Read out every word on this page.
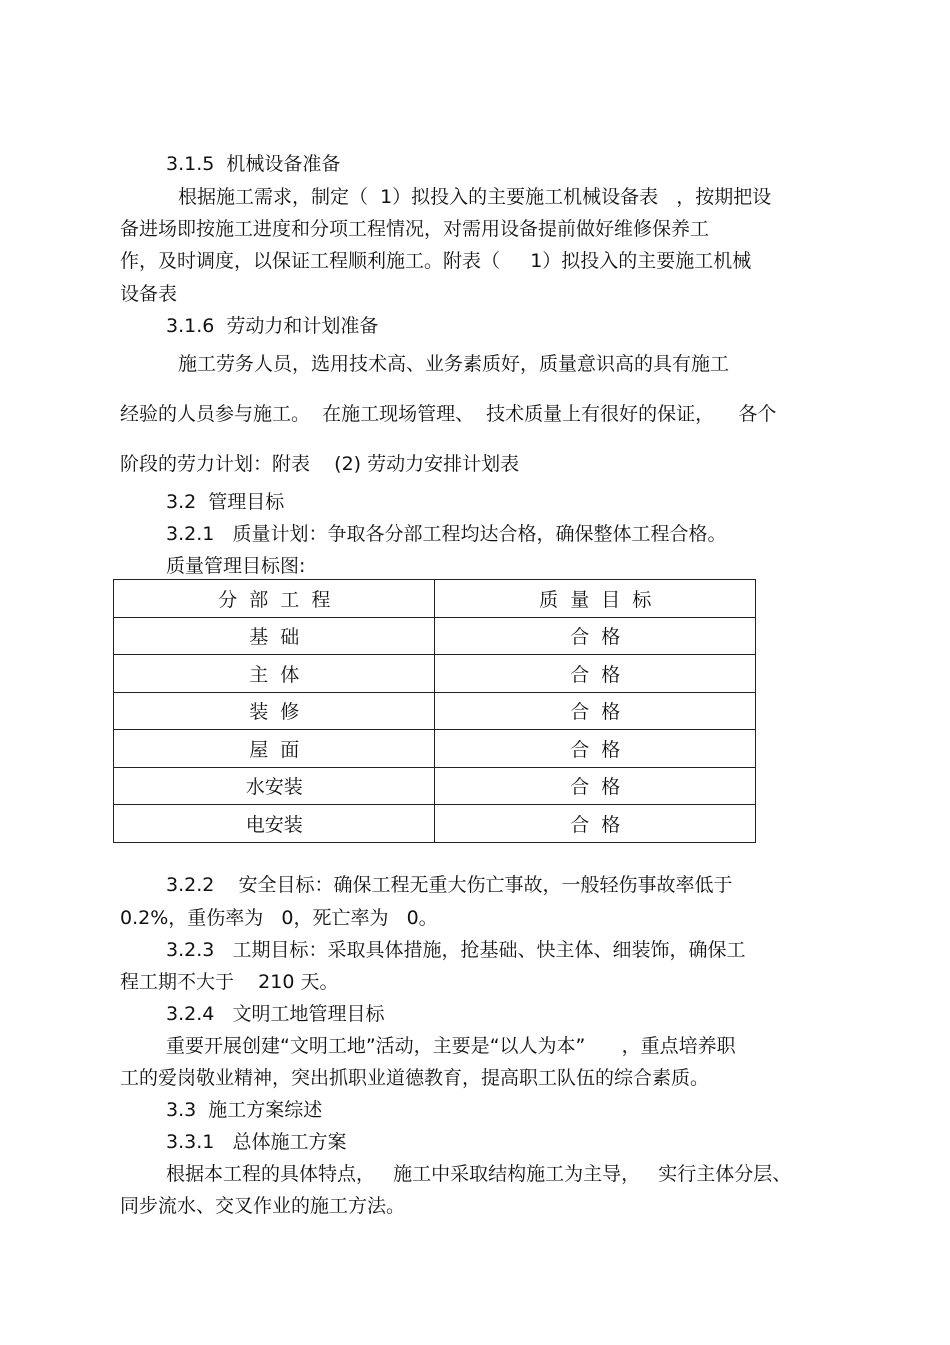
3.1.5  机械设备准备
根据施工需求，制定（  1）拟投入的主要施工机械设备表   ，按期把设
备进场即按施工进度和分项工程情况，对需用设备提前做好维修保养工
作，及时调度，以保证工程顺利施工。附表（     1）拟投入的主要施工机械
设备表
3.1.6  劳动力和计划准备
施工劳务人员，选用技术高、业务素质好，质量意识高的具有施工
经验的人员参与施工。  在施工现场管理、  技术质量上有很好的保证，    各个
阶段的劳力计划：附表    (2) 劳动力安排计划表
3.2  管理目标
3.2.1   质量计划：争取各分部工程均达合格，确保整体工程合格。
质量管理目标图:
分  部  工  程	质  量  目  标
基  础	合  格
主  体	合  格
装  修	合  格
屋  面	合  格
水安装	合  格
电安装	合  格
3.2.2    安全目标：确保工程无重大伤亡事故，一般轻伤事故率低于
0.2%，重伤率为   0，死亡率为   0。
3.2.3   工期目标：采取具体措施，抢基础、快主体、细装饰，确保工
程工期不大于    210 天。
3.2.4   文明工地管理目标
重要开展创建“文明工地”活动，主要是“以人为本”      ，重点培养职
工的爱岗敬业精神，突出抓职业道德教育，提高职工队伍的综合素质。
3.3  施工方案综述
3.3.1   总体施工方案
根据本工程的具体特点，   施工中采取结构施工为主导，   实行主体分层、
同步流水、交叉作业的施工方法。
